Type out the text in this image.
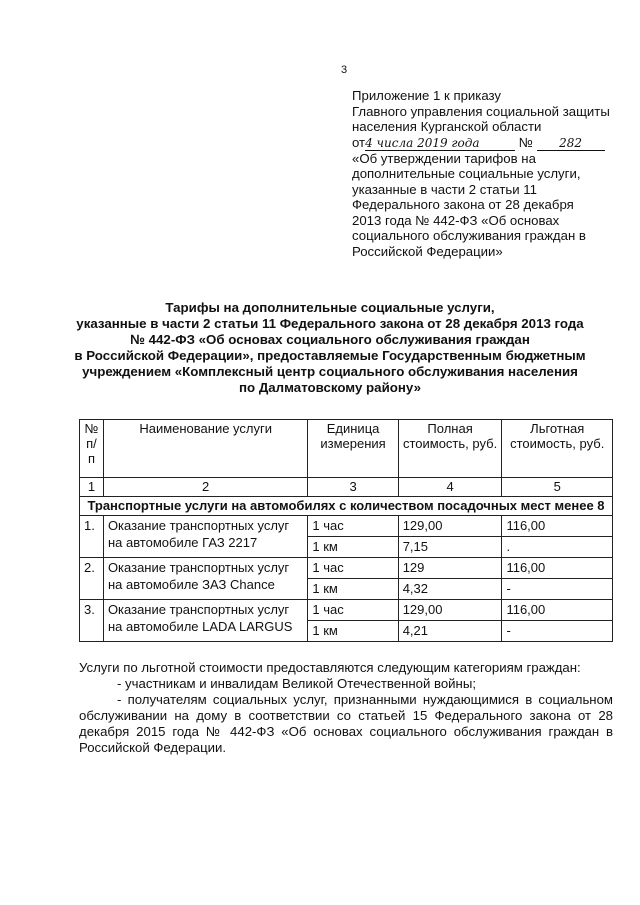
3
Приложение 1 к приказу
Главного управления социальной защиты
населения Курганской области
от4 числа 2019 года	№ 282
«Об утверждении тарифов на
дополнительные социальные услуги,
указанные в части 2 статьи 11
Федерального закона от 28 декабря
2013 года № 442-ФЗ «Об основах
социального обслуживания граждан в
Российской Федерации»
Тарифы на дополнительные социальные услуги,
указанные в части 2 статьи 11 Федерального закона от 28 декабря 2013 года
№ 442-ФЗ «Об основах социального обслуживания граждан
в Российской Федерации», предоставляемые Государственным бюджетным
учреждением «Комплексный центр социального обслуживания населения
по Далматовскому району»
№ п/п	Наименование услуги	Единица измерения	Полная стоимость, руб.	Льготная стоимость, руб.
1	2	3	4	5
Транспортные услуги на автомобилях с количеством посадочных мест менее 8				
1.	Оказание транспортных услуг на автомобиле ГАЗ 2217	1 час	129,00	116,00
		1 км	7,15	.
2.	Оказание транспортных услуг на автомобиле ЗАЗ Chance	1 час	129	116,00
		1 км	4,32	-
3.	Оказание транспортных услуг на автомобиле LADA LARGUS	1 час	129,00	116,00
		1 км	4,21	-

Услуги по льготной стоимости предоставляются следующим категориям граждан:

- участникам и инвалидам Великой Отечественной войны;

- получателям социальных услуг, признанными нуждающимися в социальном обслуживании на дому в соответствии со статьей 15 Федерального закона от 28 декабря 2015 года № 442-ФЗ «Об основах социального обслуживания граждан в Российской Федерации.
